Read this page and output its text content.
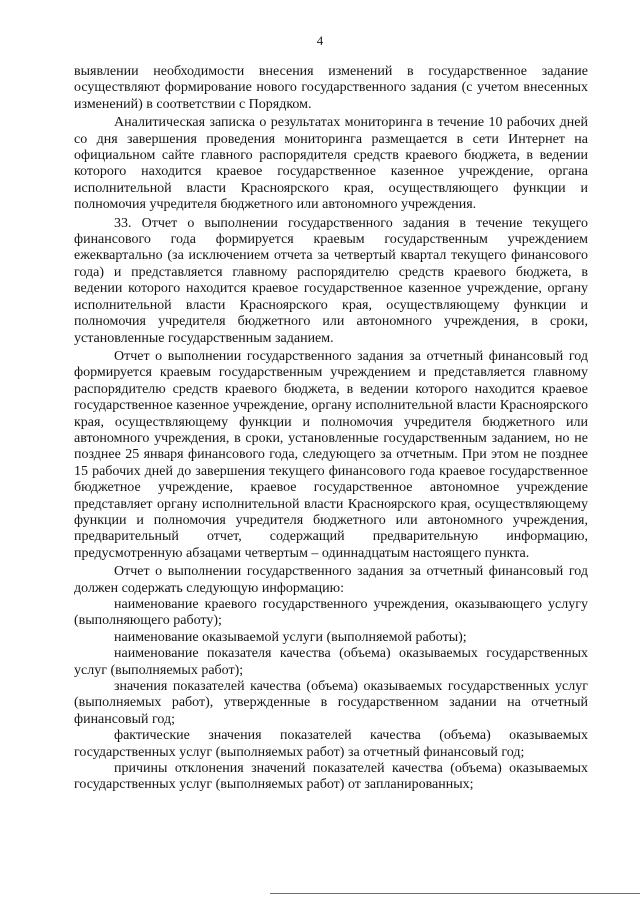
4

выявлении необходимости внесения изменений в государственное задание осуществляют формирование нового государственного задания (с учетом внесенных изменений) в соответствии с Порядком.

Аналитическая записка о результатах мониторинга в течение 10 рабочих дней со дня завершения проведения мониторинга размещается в сети Интернет на официальном сайте главного распорядителя средств краевого бюджета, в ведении которого находится краевое государственное казенное учреждение, органа исполнительной власти Красноярского края, осуществляющего функции и полномочия учредителя бюджетного или автономного учреждения.

33. Отчет о выполнении государственного задания в течение текущего финансового года формируется краевым государственным учреждением ежеквартально (за исключением отчета за четвертый квартал текущего финансового года) и представляется главному распорядителю средств краевого бюджета, в ведении которого находится краевое государственное казенное учреждение, органу исполнительной власти Красноярского края, осуществляющему функции и полномочия учредителя бюджетного или автономного учреждения, в сроки, установленные государственным заданием.

Отчет о выполнении государственного задания за отчетный финансовый год формируется краевым государственным учреждением и представляется главному распорядителю средств краевого бюджета, в ведении которого находится краевое государственное казенное учреждение, органу исполнительной власти Красноярского края, осуществляющему функции и полномочия учредителя бюджетного или автономного учреждения, в сроки, установленные государственным заданием, но не позднее 25 января финансового года, следующего за отчетным. При этом не позднее 15 рабочих дней до завершения текущего финансового года краевое государственное бюджетное учреждение, краевое государственное автономное учреждение представляет органу исполнительной власти Красноярского края, осуществляющему функции и полномочия учредителя бюджетного или автономного учреждения, предварительный отчет, содержащий предварительную информацию, предусмотренную абзацами четвертым – одиннадцатым настоящего пункта.

Отчет о выполнении государственного задания за отчетный финансовый год должен содержать следующую информацию:

наименование краевого государственного учреждения, оказывающего услугу (выполняющего работу);

наименование оказываемой услуги (выполняемой работы);

наименование показателя качества (объема) оказываемых государственных услуг (выполняемых работ);

значения показателей качества (объема) оказываемых государственных услуг (выполняемых работ), утвержденные в государственном задании на отчетный финансовый год;

фактические значения показателей качества (объема) оказываемых государственных услуг (выполняемых работ) за отчетный финансовый год;

причины отклонения значений показателей качества (объема) оказываемых государственных услуг (выполняемых работ) от запланированных;
